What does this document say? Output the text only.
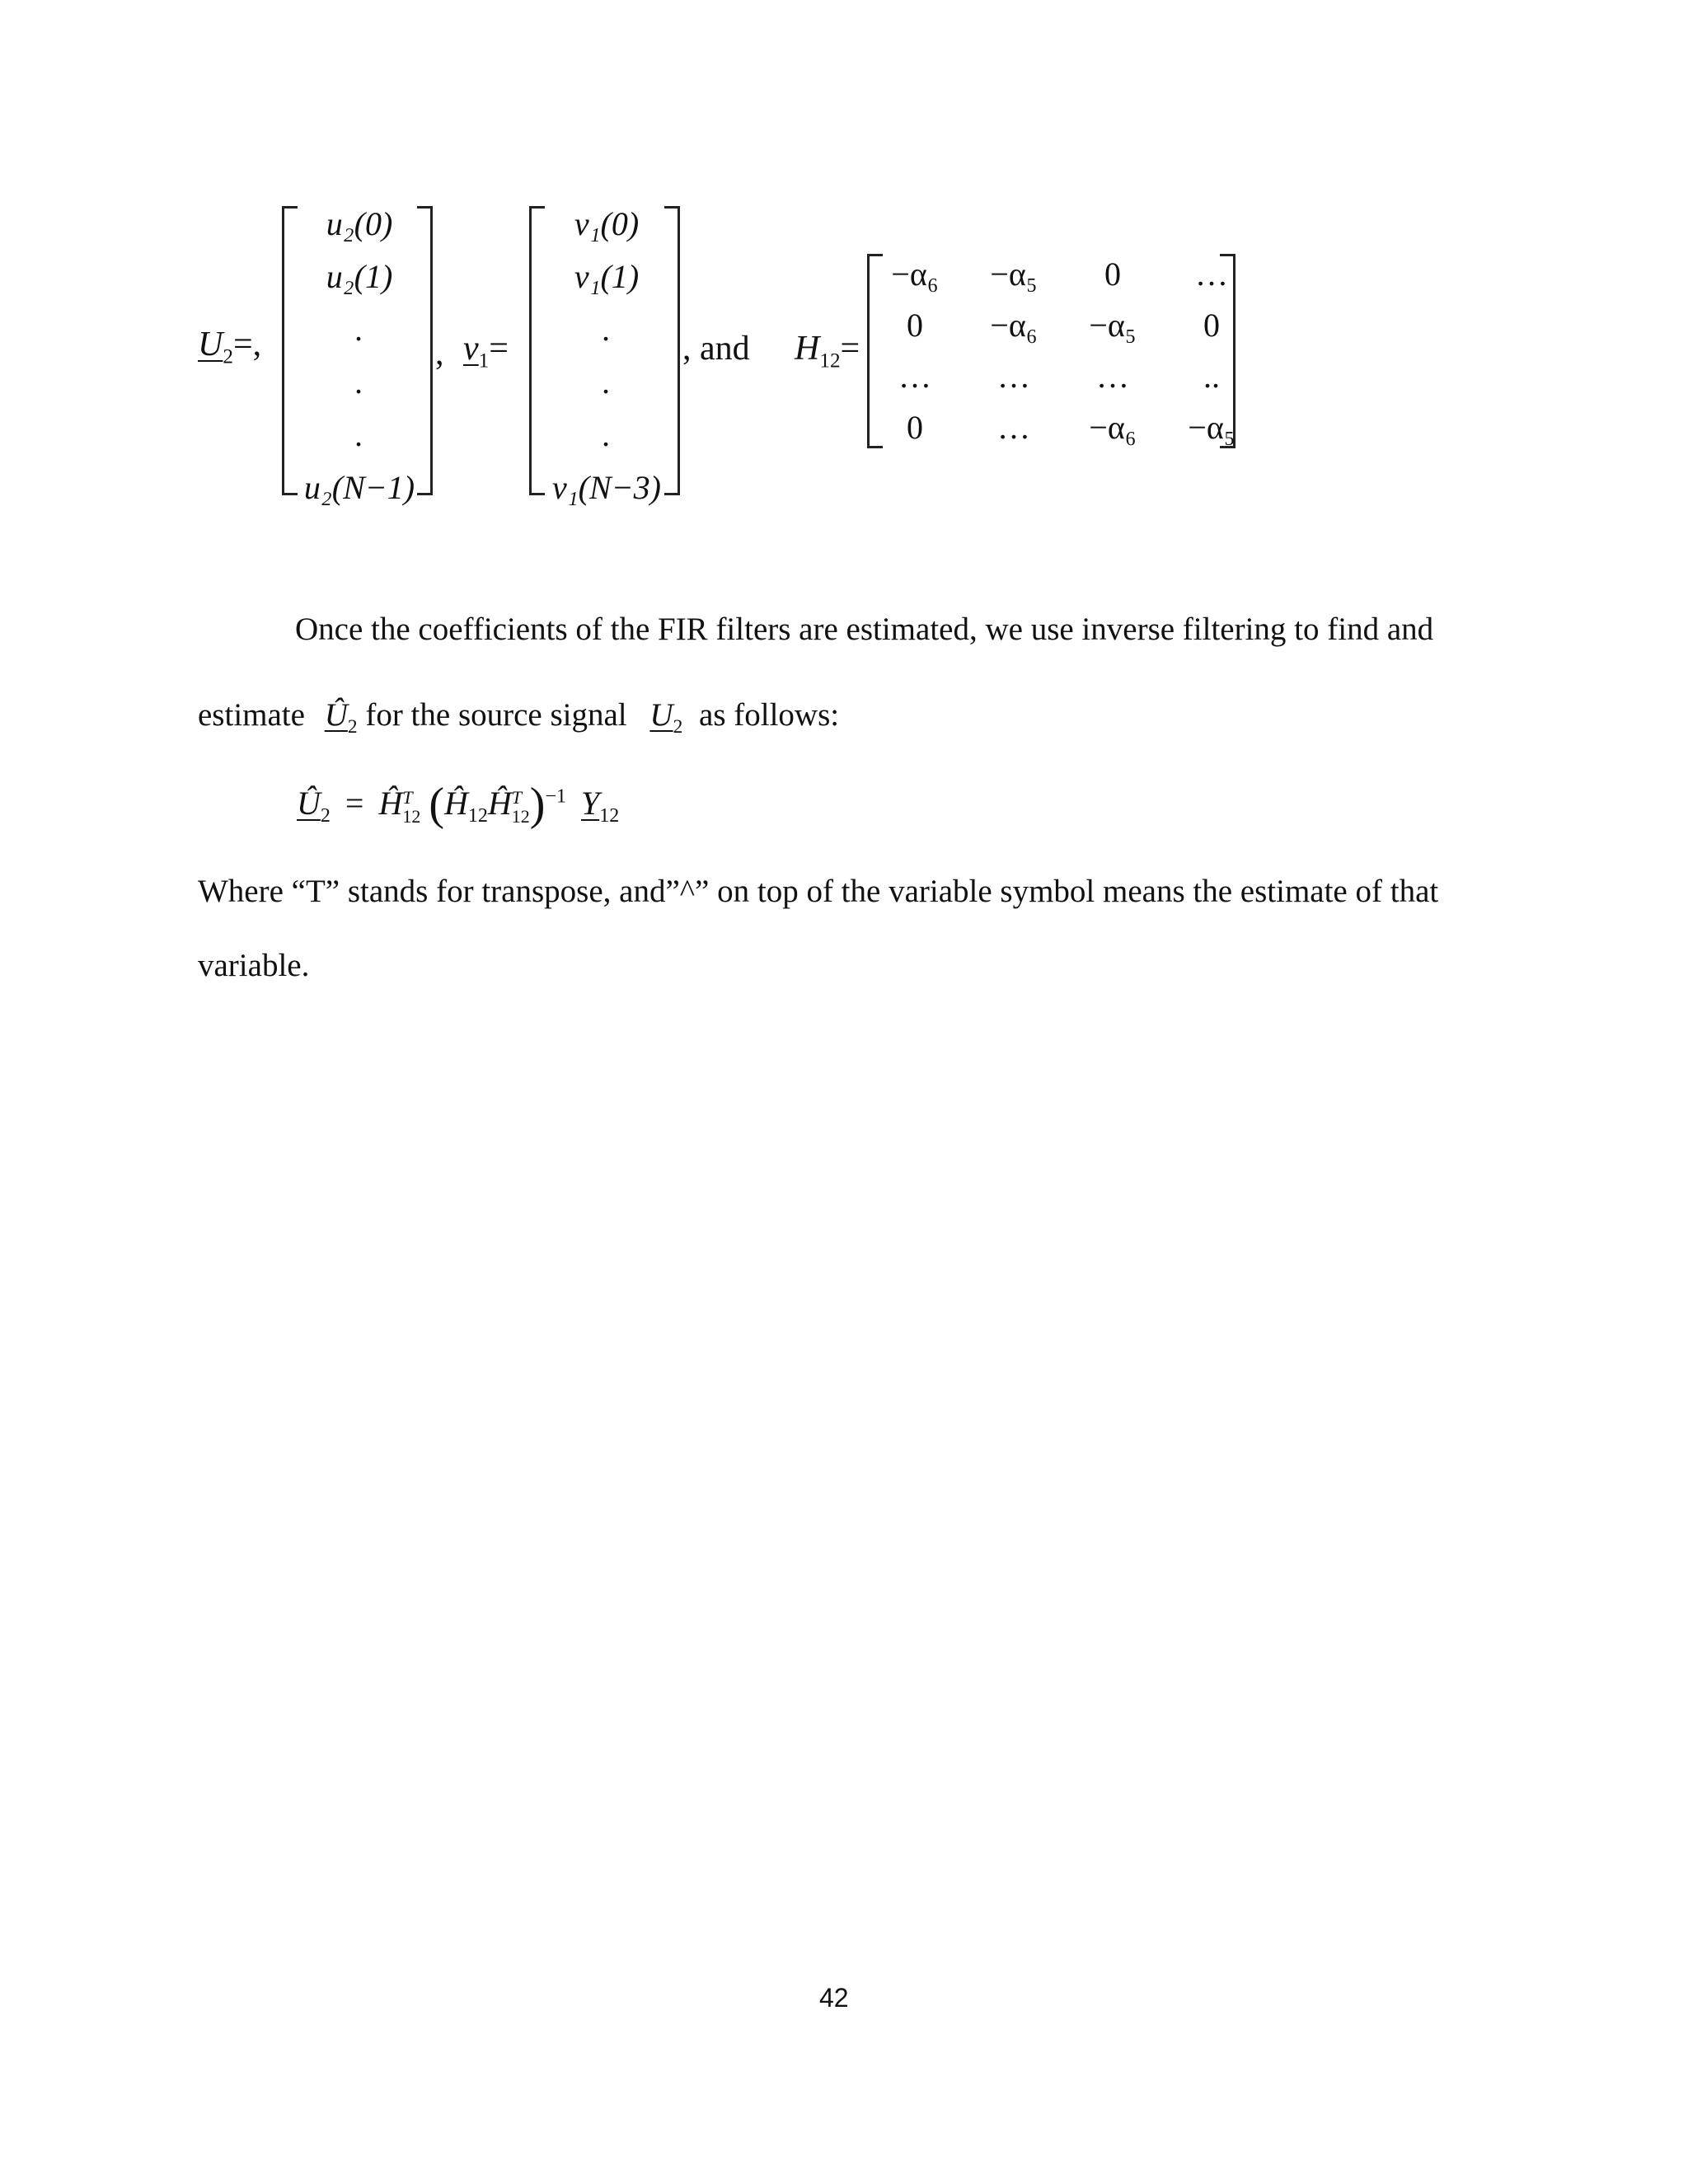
$U_2=$,
u₂(0)
u₂(1)
.
.
.
u₂(N−1)
, $v_1=$
v₁(0)
v₁(1)
.
.
.
v₁(N−3)
, and $H_{12}=$
−α₆	−α₅	0	…
0	−α₆	−α₅	0
…	…	…	..
0	…	−α₆	−α₅
Once the coefficients of the FIR filters are estimated, we use inverse filtering to find and
estimate $Û_2$ for the source signal $U_2$ as follows:
$Û_2$ = Ĥ T
12 ($Ĥ_{12}Ĥ$ T
12 )$^{-1}$ $Y_{12}$
Where “T” stands for transpose, and”^” on top of the variable symbol means the estimate of that
variable.
42
